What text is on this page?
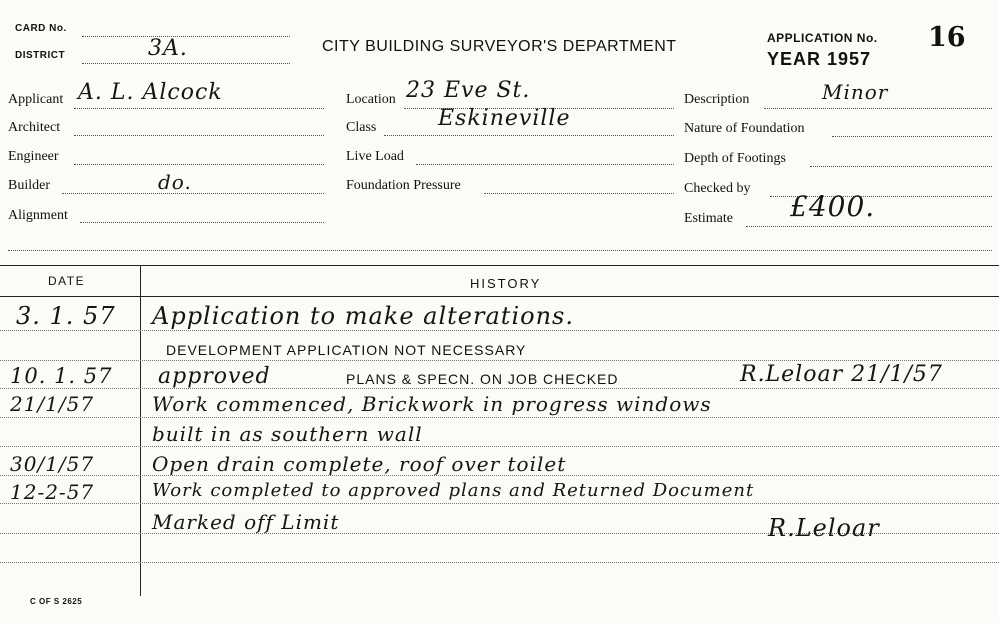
CARD No.
DISTRICT	3A.	CITY BUILDING SURVEYOR'S DEPARTMENT	APPLICATION No. 16
YEAR 1957
Applicant A. L. Alcock
Architect
Engineer
Builder	do.
Alignment
Location 23 Eve St.
Class	Eskineville
Live Load
Foundation Pressure
Description	Minor
Nature of Foundation
Depth of Footings
Checked by
Estimate £400.
DATE	HISTORY
3. 1. 57 Application to make alterations.
DEVELOPMENT APPLICATION NOT NECESSARY
10. 1. 57 approved	PLANS & SPECN. ON JOB CHECKED	R.Leloar 21/1/57
21/1/57	Work commenced, Brickwork in progress windows
built in as southern wall
30/1/57	Open drain complete, roof over toilet
12-2-57	Work completed to approved plans and Returned Document
Marked off Limit	R.Leloar
C OF S 2625
